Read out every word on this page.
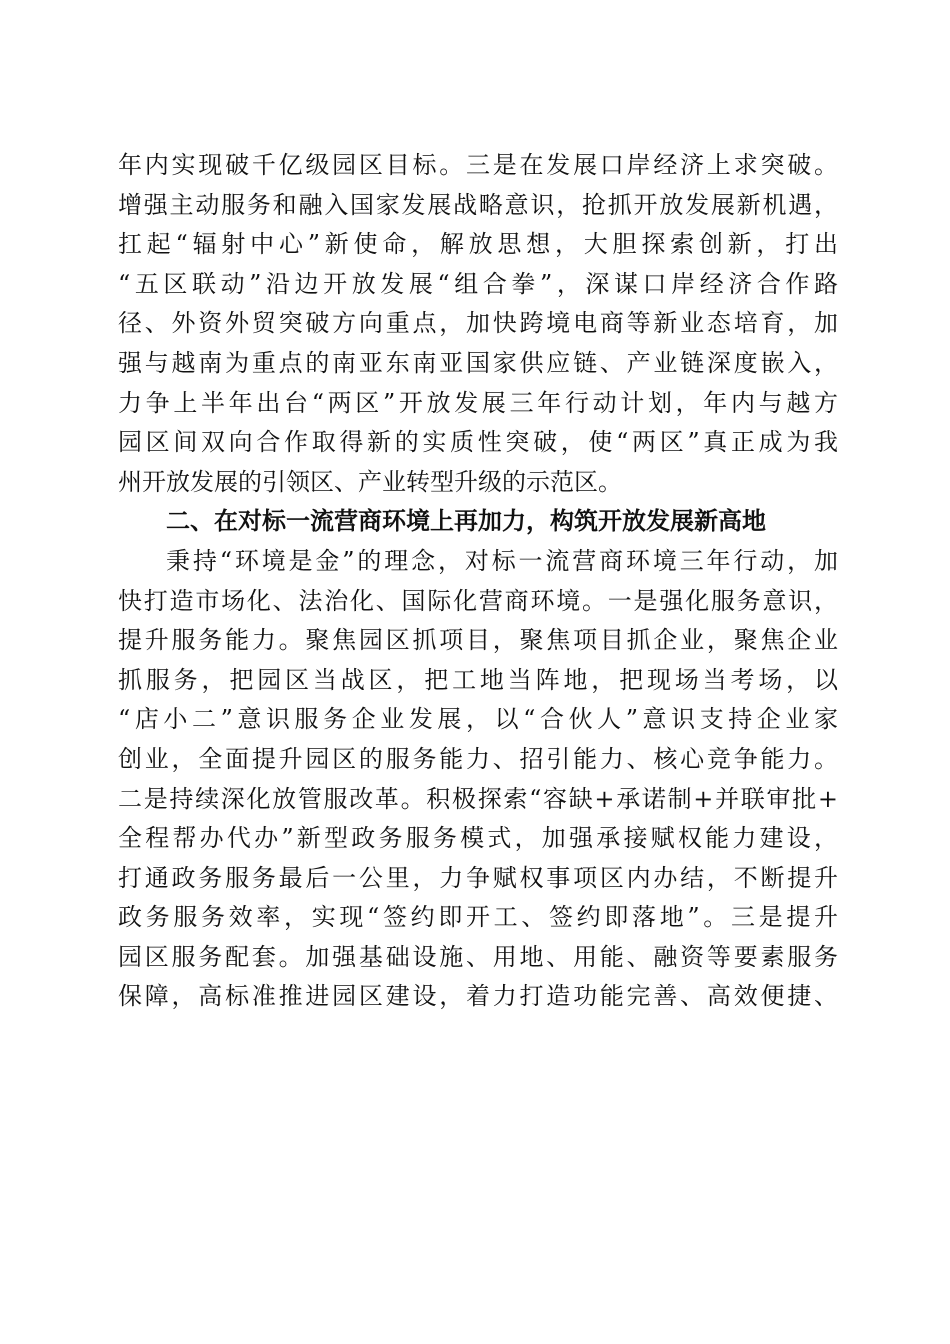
年内实现破千亿级园区目标。三是在发展口岸经济上求突破。
增强主动服务和融入国家发展战略意识，抢抓开放发展新机遇，
扛起“辐射中心”新使命，解放思想，大胆探索创新，打出
“五区联动”沿边开放发展“组合拳”，深谋口岸经济合作路
径、外资外贸突破方向重点，加快跨境电商等新业态培育，加
强与越南为重点的南亚东南亚国家供应链、产业链深度嵌入，
力争上半年出台“两区”开放发展三年行动计划，年内与越方
园区间双向合作取得新的实质性突破，使“两区”真正成为我
州开放发展的引领区、产业转型升级的示范区。
二、在对标一流营商环境上再加力，构筑开放发展新高地
秉持“环境是金”的理念，对标一流营商环境三年行动，加
快打造市场化、法治化、国际化营商环境。一是强化服务意识，
提升服务能力。聚焦园区抓项目，聚焦项目抓企业，聚焦企业
抓服务，把园区当战区，把工地当阵地，把现场当考场，以
“店小二”意识服务企业发展，以“合伙人”意识支持企业家
创业，全面提升园区的服务能力、招引能力、核心竞争能力。
二是持续深化放管服改革。积极探索“容缺+承诺制+并联审批+
全程帮办代办”新型政务服务模式，加强承接赋权能力建设，
打通政务服务最后一公里，力争赋权事项区内办结，不断提升
政务服务效率，实现“签约即开工、签约即落地”。三是提升
园区服务配套。加强基础设施、用地、用能、融资等要素服务
保障，高标准推进园区建设，着力打造功能完善、高效便捷、
